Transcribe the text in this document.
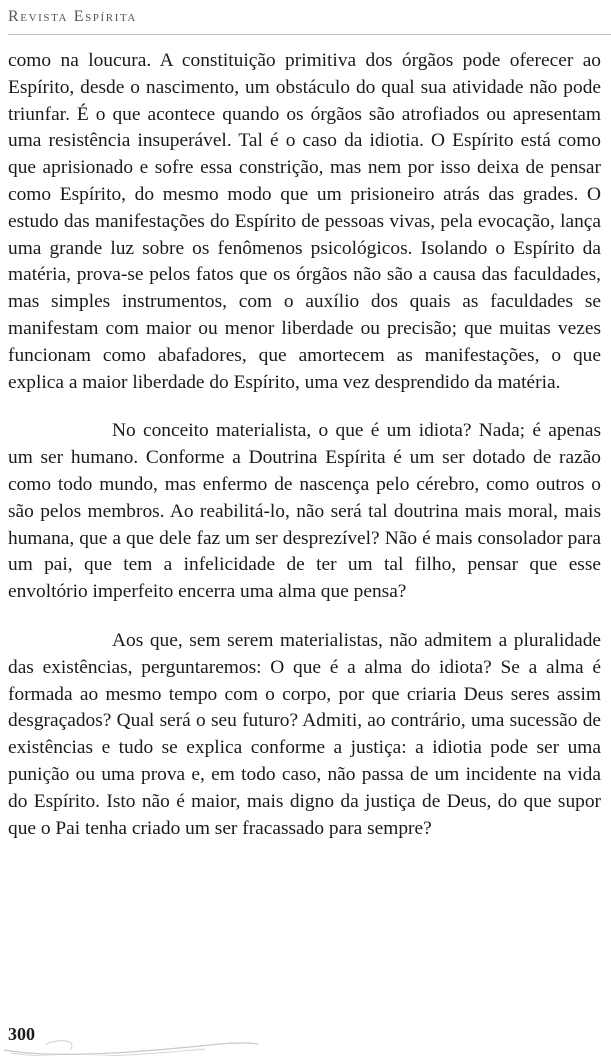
Revista Espírita

como na loucura. A constituição primitiva dos órgãos pode oferecer ao Espírito, desde o nascimento, um obstáculo do qual sua atividade não pode triunfar. É o que acontece quando os órgãos são atrofiados ou apresentam uma resistência insuperável. Tal é o caso da idiotia. O Espírito está como que aprisionado e sofre essa constrição, mas nem por isso deixa de pensar como Espírito, do mesmo modo que um prisioneiro atrás das grades. O estudo das manifestações do Espírito de pessoas vivas, pela evocação, lança uma grande luz sobre os fenômenos psicológicos. Isolando o Espírito da matéria, prova-se pelos fatos que os órgãos não são a causa das faculdades, mas simples instrumentos, com o auxílio dos quais as faculdades se manifestam com maior ou menor liberdade ou precisão; que muitas vezes funcionam como abafadores, que amortecem as manifestações, o que explica a maior liberdade do Espírito, uma vez desprendido da matéria.

No conceito materialista, o que é um idiota? Nada; é apenas um ser humano. Conforme a Doutrina Espírita é um ser dotado de razão como todo mundo, mas enfermo de nascença pelo cérebro, como outros o são pelos membros. Ao reabilitá-lo, não será tal doutrina mais moral, mais humana, que a que dele faz um ser desprezível? Não é mais consolador para um pai, que tem a infelicidade de ter um tal filho, pensar que esse envoltório imperfeito encerra uma alma que pensa?

Aos que, sem serem materialistas, não admitem a pluralidade das existências, perguntaremos: O que é a alma do idiota? Se a alma é formada ao mesmo tempo com o corpo, por que criaria Deus seres assim desgraçados? Qual será o seu futuro? Admiti, ao contrário, uma sucessão de existências e tudo se explica conforme a justiça: a idiotia pode ser uma punição ou uma prova e, em todo caso, não passa de um incidente na vida do Espírito. Isto não é maior, mais digno da justiça de Deus, do que supor que o Pai tenha criado um ser fracassado para sempre?

300
